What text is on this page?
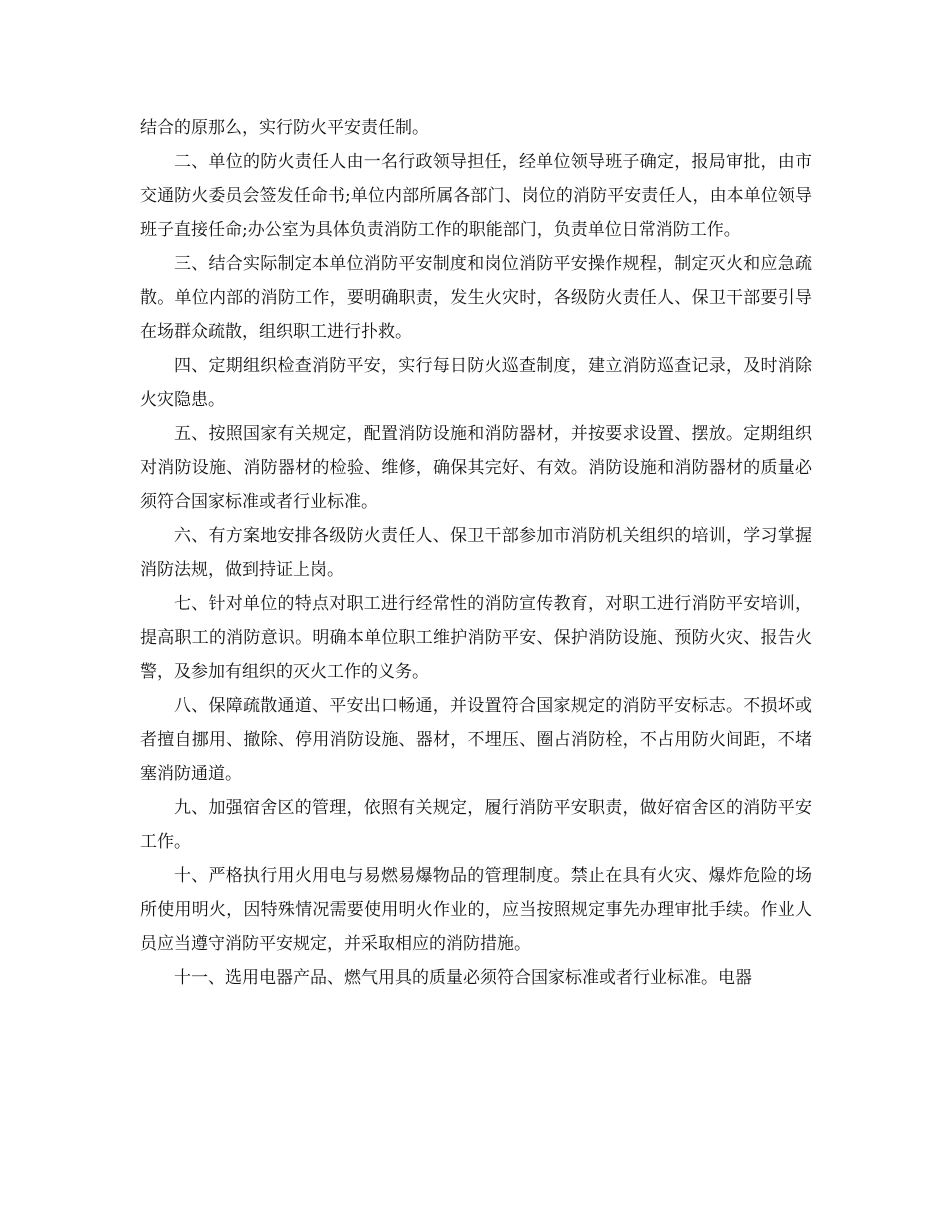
结合的原那么，实行防火平安责任制。

二、单位的防火责任人由一名行政领导担任，经单位领导班子确定，报局审批，由市交通防火委员会签发任命书;单位内部所属各部门、岗位的消防平安责任人，由本单位领导班子直接任命;办公室为具体负责消防工作的职能部门，负责单位日常消防工作。

三、结合实际制定本单位消防平安制度和岗位消防平安操作规程，制定灭火和应急疏散。单位内部的消防工作，要明确职责，发生火灾时，各级防火责任人、保卫干部要引导在场群众疏散，组织职工进行扑救。

四、定期组织检查消防平安，实行每日防火巡查制度，建立消防巡查记录，及时消除火灾隐患。

五、按照国家有关规定，配置消防设施和消防器材，并按要求设置、摆放。定期组织对消防设施、消防器材的检验、维修，确保其完好、有效。消防设施和消防器材的质量必须符合国家标准或者行业标准。

六、有方案地安排各级防火责任人、保卫干部参加市消防机关组织的培训，学习掌握消防法规，做到持证上岗。

七、针对单位的特点对职工进行经常性的消防宣传教育，对职工进行消防平安培训，提高职工的消防意识。明确本单位职工维护消防平安、保护消防设施、预防火灾、报告火警，及参加有组织的灭火工作的义务。

八、保障疏散通道、平安出口畅通，并设置符合国家规定的消防平安标志。不损坏或者擅自挪用、撤除、停用消防设施、器材，不埋压、圈占消防栓，不占用防火间距，不堵塞消防通道。

九、加强宿舍区的管理，依照有关规定，履行消防平安职责，做好宿舍区的消防平安工作。

十、严格执行用火用电与易燃易爆物品的管理制度。禁止在具有火灾、爆炸危险的场所使用明火，因特殊情况需要使用明火作业的，应当按照规定事先办理审批手续。作业人员应当遵守消防平安规定，并采取相应的消防措施。

十一、选用电器产品、燃气用具的质量必须符合国家标准或者行业标准。电器
